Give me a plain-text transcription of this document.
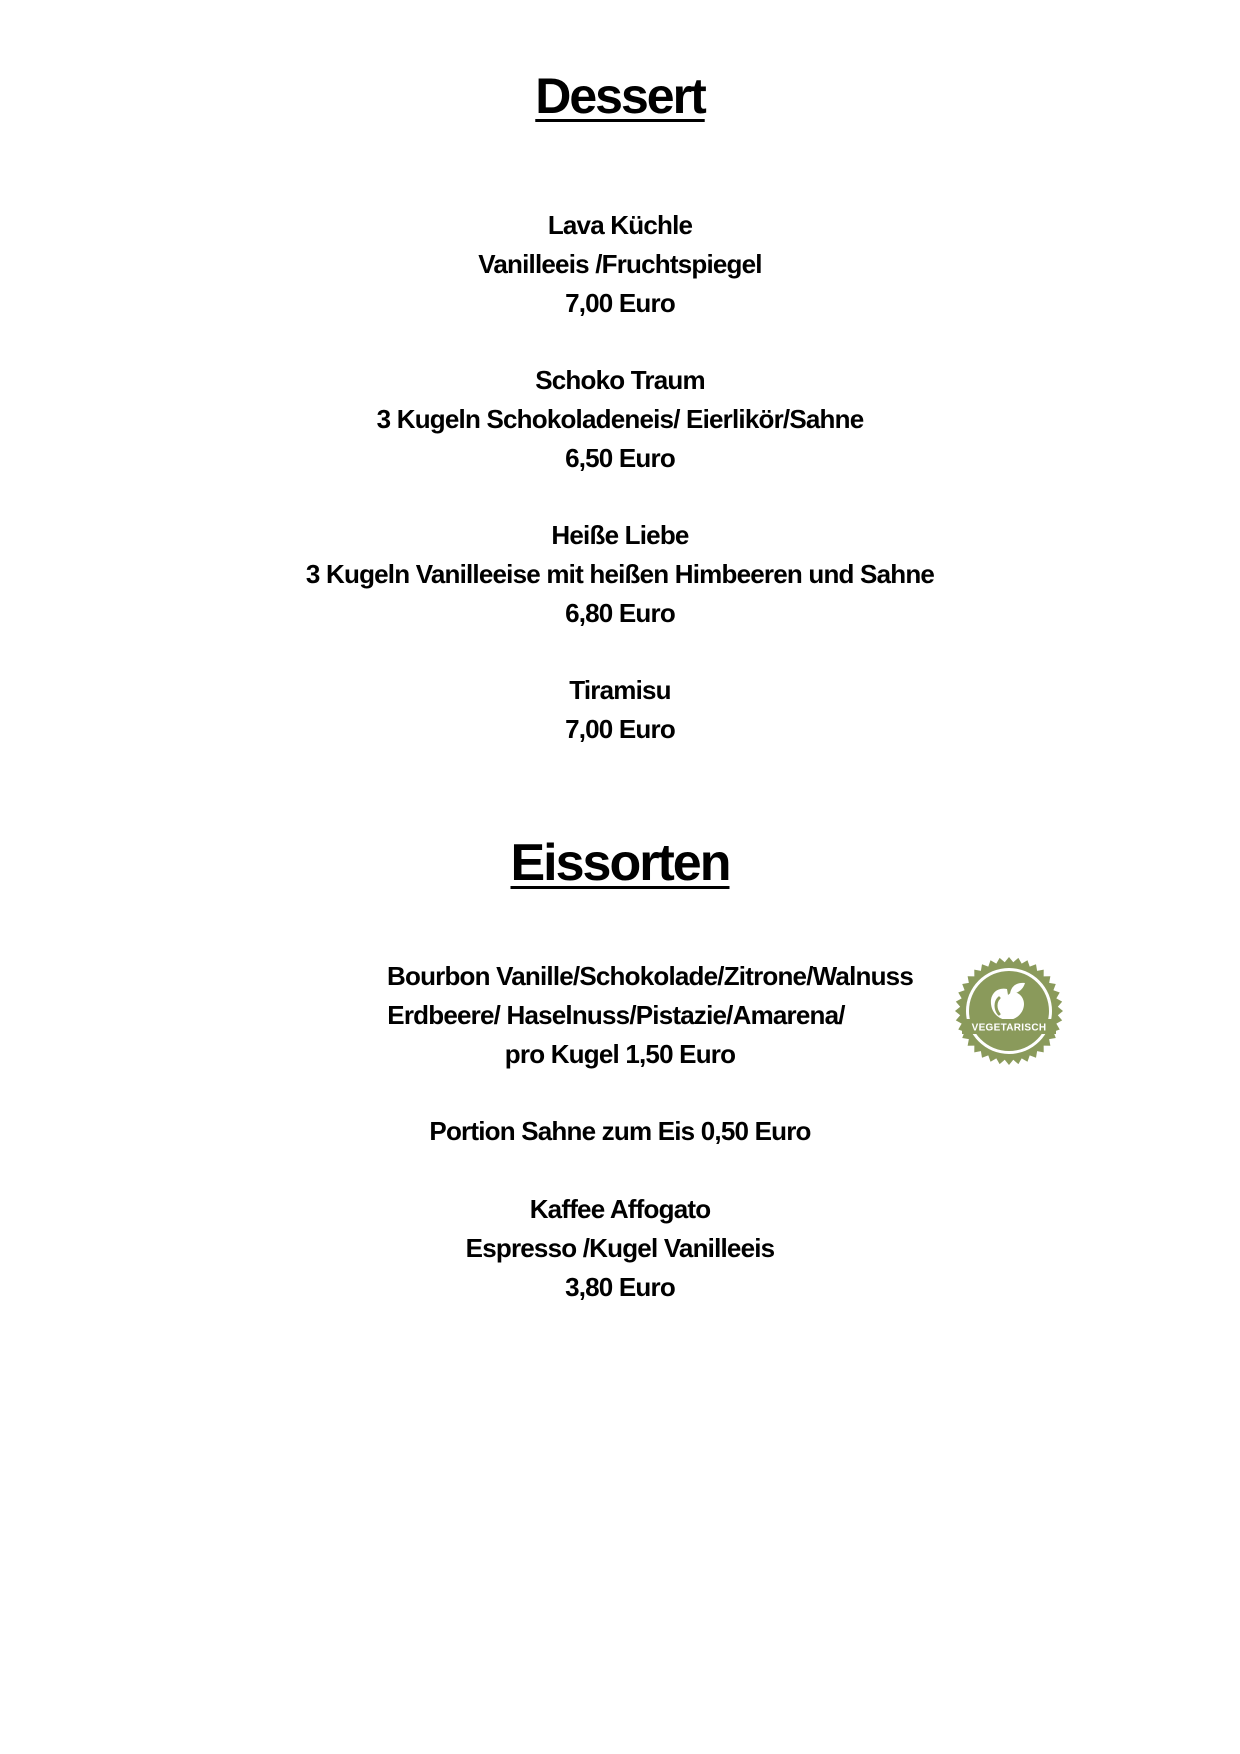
Dessert
Lava Küchle
Vanilleeis /Fruchtspiegel
7,00 Euro
Schoko Traum
3 Kugeln Schokoladeneis/ Eierlikör/Sahne
6,50 Euro
Heiße Liebe
3 Kugeln Vanilleeise mit heißen Himbeeren und Sahne
6,80 Euro
Tiramisu
7,00 Euro
Eissorten
Bourbon Vanille/Schokolade/Zitrone/Walnuss
Erdbeere/ Haselnuss/Pistazie/Amarena/
pro Kugel 1,50 Euro
Portion Sahne zum Eis 0,50 Euro
Kaffee Affogato
Espresso /Kugel Vanilleeis
3,80 Euro
VEGETARISCH
